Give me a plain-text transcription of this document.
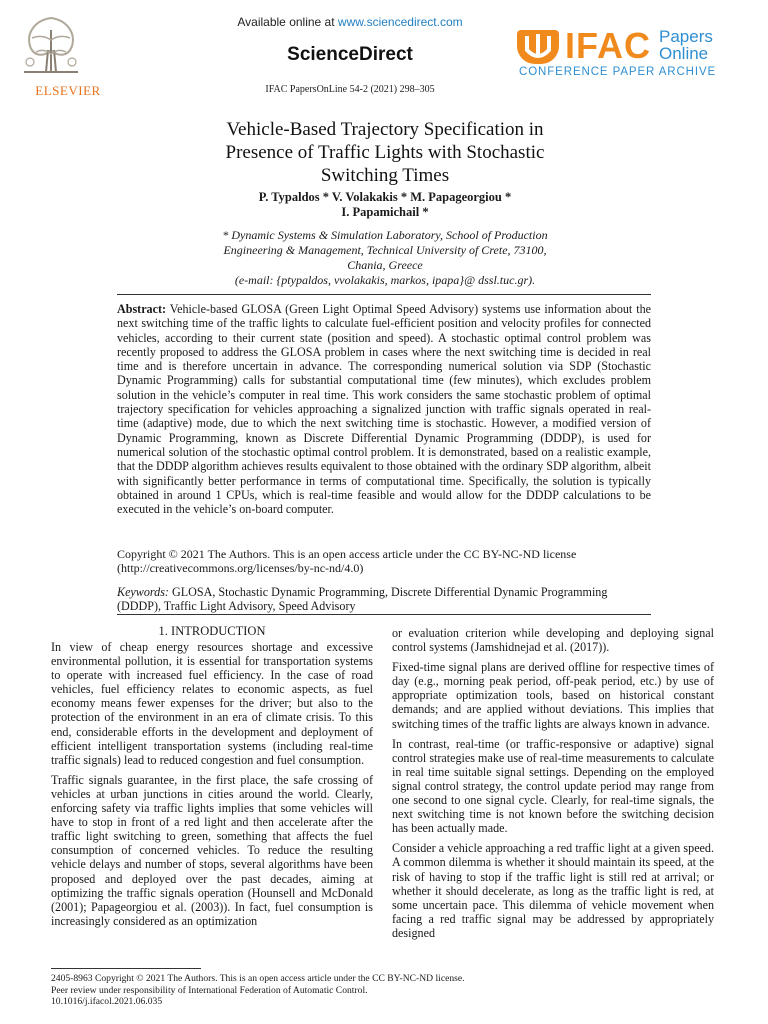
ELSEVIER
Available online at www.sciencedirect.com
ScienceDirect
IFAC PapersOnLine 54-2 (2021) 298–305
IFAC Papers
Online
CONFERENCE PAPER ARCHIVE
Vehicle-Based Trajectory Specification in
Presence of Traffic Lights with Stochastic
Switching Times
P. Typaldos * V. Volakakis * M. Papageorgiou *
I. Papamichail *
* Dynamic Systems & Simulation Laboratory, School of Production
Engineering & Management, Technical University of Crete, 73100,
Chania, Greece
(e-mail: {ptypaldos, vvolakakis, markos, ipapa}@ dssl.tuc.gr).
Abstract: Vehicle-based GLOSA (Green Light Optimal Speed Advisory) systems use information about the next switching time of the traffic lights to calculate fuel-efficient position and velocity profiles for connected vehicles, according to their current state (position and speed). A stochastic optimal control problem was recently proposed to address the GLOSA problem in cases where the next switching time is decided in real time and is therefore uncertain in advance. The corresponding numerical solution via SDP (Stochastic Dynamic Programming) calls for substantial computational time (few minutes), which excludes problem solution in the vehicle’s computer in real time. This work considers the same stochastic problem of optimal trajectory specification for vehicles approaching a signalized junction with traffic signals operated in real-time (adaptive) mode, due to which the next switching time is stochastic. However, a modified version of Dynamic Programming, known as Discrete Differential Dynamic Programming (DDDP), is used for numerical solution of the stochastic optimal control problem. It is demonstrated, based on a realistic example, that the DDDP algorithm achieves results equivalent to those obtained with the ordinary SDP algorithm, albeit with significantly better performance in terms of computational time. Specifically, the solution is typically obtained in around 1 CPUs, which is real-time feasible and would allow for the DDDP calculations to be executed in the vehicle’s on-board computer.
Copyright © 2021 The Authors. This is an open access article under the CC BY-NC-ND license
(http://creativecommons.org/licenses/by-nc-nd/4.0)
Keywords: GLOSA, Stochastic Dynamic Programming, Discrete Differential Dynamic Programming (DDDP), Traffic Light Advisory, Speed Advisory
1. INTRODUCTION

In view of cheap energy resources shortage and excessive environmental pollution, it is essential for transportation systems to operate with increased fuel efficiency. In the case of road vehicles, fuel efficiency relates to economic aspects, as fuel economy means fewer expenses for the driver; but also to the protection of the environment in an era of climate crisis. To this end, considerable efforts in the development and deployment of efficient intelligent transportation systems (including real-time traffic signals) lead to reduced congestion and fuel consumption.

Traffic signals guarantee, in the first place, the safe crossing of vehicles at urban junctions in cities around the world. Clearly, enforcing safety via traffic lights implies that some vehicles will have to stop in front of a red light and then accelerate after the traffic light switching to green, something that affects the fuel consumption of concerned vehicles. To reduce the resulting vehicle delays and number of stops, several algorithms have been proposed and deployed over the past decades, aiming at optimizing the traffic signals operation (Hounsell and McDonald (2001); Papageorgiou et al. (2003)). In fact, fuel consumption is increasingly considered as an optimization

or evaluation criterion while developing and deploying signal control systems (Jamshidnejad et al. (2017)).

Fixed-time signal plans are derived offline for respective times of day (e.g., morning peak period, off-peak period, etc.) by use of appropriate optimization tools, based on historical constant demands; and are applied without deviations. This implies that switching times of the traffic lights are always known in advance.

In contrast, real-time (or traffic-responsive or adaptive) signal control strategies make use of real-time measurements to calculate in real time suitable signal settings. Depending on the employed signal control strategy, the control update period may range from one second to one signal cycle. Clearly, for real-time signals, the next switching time is not known before the switching decision has been actually made.

Consider a vehicle approaching a red traffic light at a given speed. A common dilemma is whether it should maintain its speed, at the risk of having to stop if the traffic light is still red at arrival; or whether it should decelerate, as long as the traffic light is red, at some uncertain pace. This dilemma of vehicle movement when facing a red traffic signal may be addressed by appropriately designed

2405-8963 Copyright © 2021 The Authors. This is an open access article under the CC BY-NC-ND license.
Peer review under responsibility of International Federation of Automatic Control.
10.1016/j.ifacol.2021.06.035
